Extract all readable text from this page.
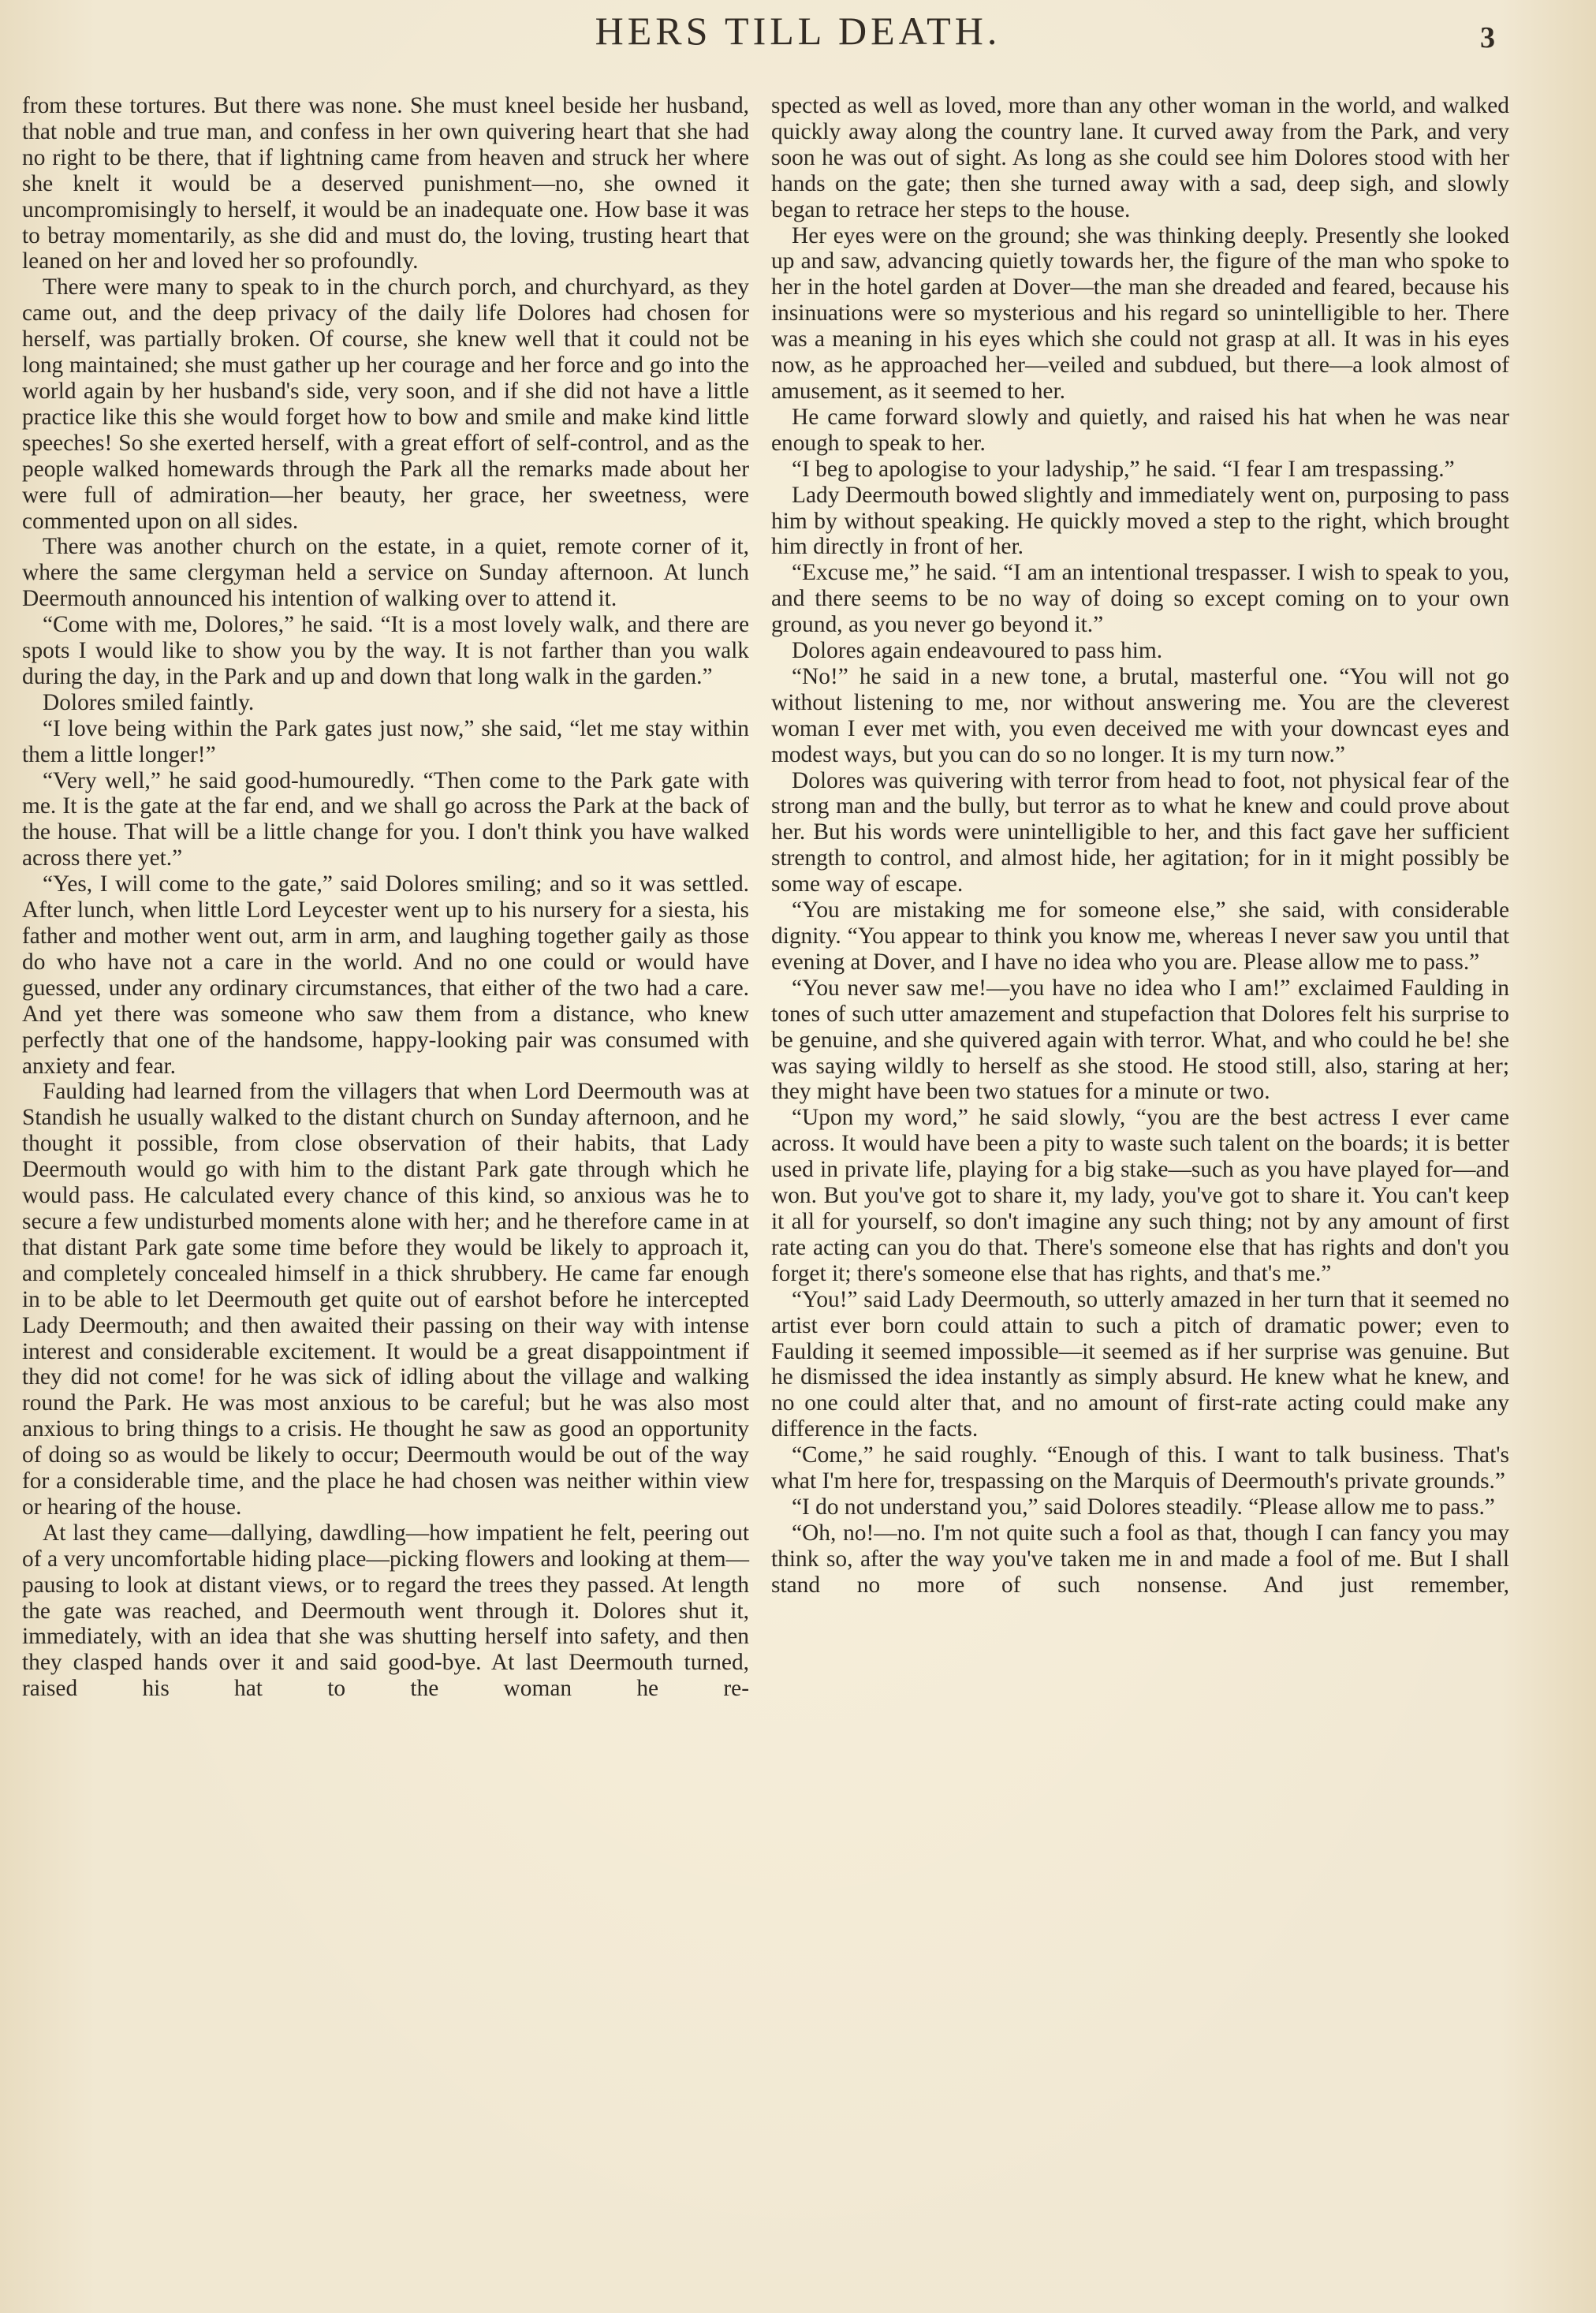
HERS TILL DEATH.	3

from these tortures. But there was none. She must kneel beside her husband, that noble and true man, and confess in her own quivering heart that she had no right to be there, that if lightning came from heaven and struck her where she knelt it would be a deserved punishment—no, she owned it uncompromisingly to herself, it would be an inadequate one. How base it was to betray momentarily, as she did and must do, the loving, trusting heart that leaned on her and loved her so profoundly.

There were many to speak to in the church porch, and churchyard, as they came out, and the deep privacy of the daily life Dolores had chosen for herself, was partially broken. Of course, she knew well that it could not be long maintained; she must gather up her courage and her force and go into the world again by her husband's side, very soon, and if she did not have a little practice like this she would forget how to bow and smile and make kind little speeches! So she exerted herself, with a great effort of self-control, and as the people walked homewards through the Park all the remarks made about her were full of admiration—her beauty, her grace, her sweetness, were commented upon on all sides.

There was another church on the estate, in a quiet, remote corner of it, where the same clergyman held a service on Sunday afternoon. At lunch Deermouth announced his intention of walking over to attend it.

“Come with me, Dolores,” he said. “It is a most lovely walk, and there are spots I would like to show you by the way. It is not farther than you walk during the day, in the Park and up and down that long walk in the garden.”

Dolores smiled faintly.

“I love being within the Park gates just now,” she said, “let me stay within them a little longer!”

“Very well,” he said good-humouredly. “Then come to the Park gate with me. It is the gate at the far end, and we shall go across the Park at the back of the house. That will be a little change for you. I don't think you have walked across there yet.”

“Yes, I will come to the gate,” said Dolores smiling; and so it was settled. After lunch, when little Lord Leycester went up to his nursery for a siesta, his father and mother went out, arm in arm, and laughing together gaily as those do who have not a care in the world. And no one could or would have guessed, under any ordinary circumstances, that either of the two had a care. And yet there was someone who saw them from a distance, who knew perfectly that one of the handsome, happy-looking pair was consumed with anxiety and fear.

Faulding had learned from the villagers that when Lord Deermouth was at Standish he usually walked to the distant church on Sunday afternoon, and he thought it possible, from close observation of their habits, that Lady Deermouth would go with him to the distant Park gate through which he would pass. He calculated every chance of this kind, so anxious was he to secure a few undisturbed moments alone with her; and he therefore came in at that distant Park gate some time before they would be likely to approach it, and completely concealed himself in a thick shrubbery. He came far enough in to be able to let Deermouth get quite out of earshot before he intercepted Lady Deermouth; and then awaited their passing on their way with intense interest and considerable excitement. It would be a great disappointment if they did not come! for he was sick of idling about the village and walking round the Park. He was most anxious to be careful; but he was also most anxious to bring things to a crisis. He thought he saw as good an opportunity of doing so as would be likely to occur; Deermouth would be out of the way for a considerable time, and the place he had chosen was neither within view or hearing of the house.

At last they came—dallying, dawdling—how impatient he felt, peering out of a very uncomfortable hiding place—picking flowers and looking at them—pausing to look at distant views, or to regard the trees they passed. At length the gate was reached, and Deermouth went through it. Dolores shut it, immediately, with an idea that she was shutting herself into safety, and then they clasped hands over it and said good-bye. At last Deermouth turned, raised his hat to the woman he re-

spected as well as loved, more than any other woman in the world, and walked quickly away along the country lane. It curved away from the Park, and very soon he was out of sight. As long as she could see him Dolores stood with her hands on the gate; then she turned away with a sad, deep sigh, and slowly began to retrace her steps to the house.

Her eyes were on the ground; she was thinking deeply. Presently she looked up and saw, advancing quietly towards her, the figure of the man who spoke to her in the hotel garden at Dover—the man she dreaded and feared, because his insinuations were so mysterious and his regard so unintelligible to her. There was a meaning in his eyes which she could not grasp at all. It was in his eyes now, as he approached her—veiled and subdued, but there—a look almost of amusement, as it seemed to her.

He came forward slowly and quietly, and raised his hat when he was near enough to speak to her.

“I beg to apologise to your ladyship,” he said. “I fear I am trespassing.”

Lady Deermouth bowed slightly and immediately went on, purposing to pass him by without speaking. He quickly moved a step to the right, which brought him directly in front of her.

“Excuse me,” he said. “I am an intentional trespasser. I wish to speak to you, and there seems to be no way of doing so except coming on to your own ground, as you never go beyond it.”

Dolores again endeavoured to pass him.

“No!” he said in a new tone, a brutal, masterful one. “You will not go without listening to me, nor without answering me. You are the cleverest woman I ever met with, you even deceived me with your downcast eyes and modest ways, but you can do so no longer. It is my turn now.”

Dolores was quivering with terror from head to foot, not physical fear of the strong man and the bully, but terror as to what he knew and could prove about her. But his words were unintelligible to her, and this fact gave her sufficient strength to control, and almost hide, her agitation; for in it might possibly be some way of escape.

“You are mistaking me for someone else,” she said, with considerable dignity. “You appear to think you know me, whereas I never saw you until that evening at Dover, and I have no idea who you are. Please allow me to pass.”

“You never saw me!—you have no idea who I am!” exclaimed Faulding in tones of such utter amazement and stupefaction that Dolores felt his surprise to be genuine, and she quivered again with terror. What, and who could he be! she was saying wildly to herself as she stood. He stood still, also, staring at her; they might have been two statues for a minute or two.

“Upon my word,” he said slowly, “you are the best actress I ever came across. It would have been a pity to waste such talent on the boards; it is better used in private life, playing for a big stake—such as you have played for—and won. But you've got to share it, my lady, you've got to share it. You can't keep it all for yourself, so don't imagine any such thing; not by any amount of first rate acting can you do that. There's someone else that has rights and don't you forget it; there's someone else that has rights, and that's me.”

“You!” said Lady Deermouth, so utterly amazed in her turn that it seemed no artist ever born could attain to such a pitch of dramatic power; even to Faulding it seemed impossible—it seemed as if her surprise was genuine. But he dismissed the idea instantly as simply absurd. He knew what he knew, and no one could alter that, and no amount of first-rate acting could make any difference in the facts.

“Come,” he said roughly. “Enough of this. I want to talk business. That's what I'm here for, trespassing on the Marquis of Deermouth's private grounds.”

“I do not understand you,” said Dolores steadily. “Please allow me to pass.”

“Oh, no!—no. I'm not quite such a fool as that, though I can fancy you may think so, after the way you've taken me in and made a fool of me. But I shall stand no more of such nonsense. And just remember,
